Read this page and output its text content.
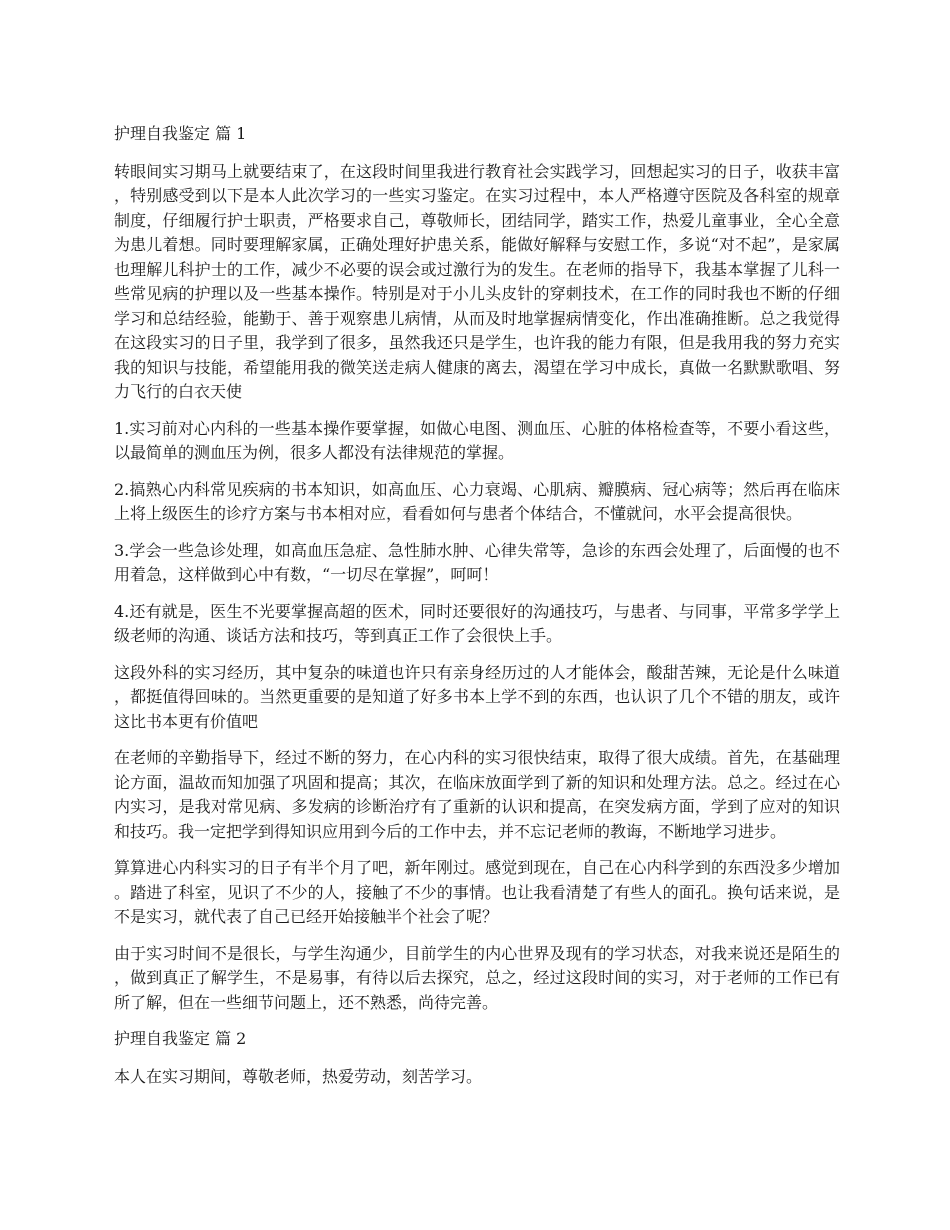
护理自我鉴定 篇 1

转眼间实习期马上就要结束了，在这段时间里我进行教育社会实践学习，回想起实习的日子，收获丰富，特别感受到以下是本人此次学习的一些实习鉴定。在实习过程中，本人严格遵守医院及各科室的规章制度，仔细履行护士职责，严格要求自己，尊敬师长，团结同学，踏实工作，热爱儿童事业，全心全意为患儿着想。同时要理解家属，正确处理好护患关系，能做好解释与安慰工作，多说“对不起”，是家属也理解儿科护士的工作，减少不必要的误会或过激行为的发生。在老师的指导下，我基本掌握了儿科一些常见病的护理以及一些基本操作。特别是对于小儿头皮针的穿刺技术，在工作的同时我也不断的仔细学习和总结经验，能勤于、善于观察患儿病情，从而及时地掌握病情变化，作出准确推断。总之我觉得在这段实习的日子里，我学到了很多，虽然我还只是学生，也许我的能力有限，但是我用我的努力充实我的知识与技能，希望能用我的微笑送走病人健康的离去，渴望在学习中成长，真做一名默默歌唱、努力飞行的白衣天使

1.实习前对心内科的一些基本操作要掌握，如做心电图、测血压、心脏的体格检查等，不要小看这些，以最简单的测血压为例，很多人都没有法律规范的掌握。

2.搞熟心内科常见疾病的书本知识，如高血压、心力衰竭、心肌病、瓣膜病、冠心病等；然后再在临床上将上级医生的诊疗方案与书本相对应，看看如何与患者个体结合，不懂就问，水平会提高很快。

3.学会一些急诊处理，如高血压急症、急性肺水肿、心律失常等，急诊的东西会处理了，后面慢的也不用着急，这样做到心中有数，“一切尽在掌握”，呵呵！

4.还有就是，医生不光要掌握高超的医术，同时还要很好的沟通技巧，与患者、与同事，平常多学学上级老师的沟通、谈话方法和技巧，等到真正工作了会很快上手。

这段外科的实习经历，其中复杂的味道也许只有亲身经历过的人才能体会，酸甜苦辣，无论是什么味道，都挺值得回味的。当然更重要的是知道了好多书本上学不到的东西，也认识了几个不错的朋友，或许这比书本更有价值吧

在老师的辛勤指导下，经过不断的努力，在心内科的实习很快结束，取得了很大成绩。首先，在基础理论方面，温故而知加强了巩固和提高；其次，在临床放面学到了新的知识和处理方法。总之。经过在心内实习，是我对常见病、多发病的诊断治疗有了重新的认识和提高，在突发病方面，学到了应对的知识和技巧。我一定把学到得知识应用到今后的工作中去，并不忘记老师的教诲，不断地学习进步。

算算进心内科实习的日子有半个月了吧，新年刚过。感觉到现在，自己在心内科学到的东西没多少增加。踏进了科室，见识了不少的人，接触了不少的事情。也让我看清楚了有些人的面孔。换句话来说，是不是实习，就代表了自己已经开始接触半个社会了呢？

由于实习时间不是很长，与学生沟通少，目前学生的内心世界及现有的学习状态，对我来说还是陌生的，做到真正了解学生，不是易事，有待以后去探究，总之，经过这段时间的实习，对于老师的工作已有所了解，但在一些细节问题上，还不熟悉，尚待完善。

护理自我鉴定 篇 2

本人在实习期间，尊敬老师，热爱劳动，刻苦学习。
